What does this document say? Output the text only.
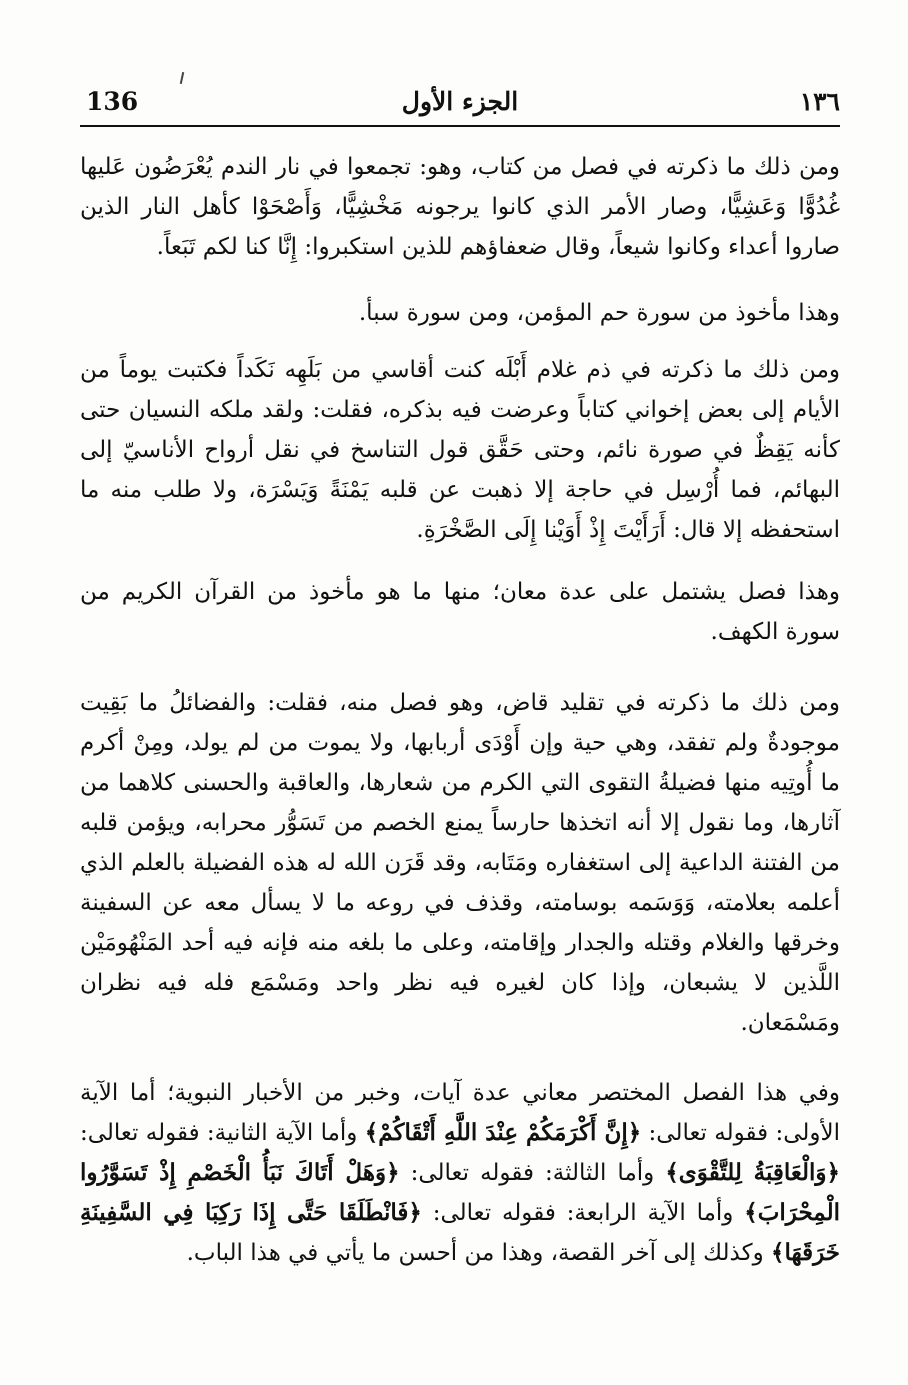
136	الجزء الأول	١٣٦

ومن ذلك ما ذكرته في فصل من كتاب، وهو: تجمعوا في نار الندم يُعْرَضُون عَليها غُدُوًّا وَعَشِيًّا، وصار الأمر الذي كانوا يرجونه مَخْشِيًّا، وَأَصْحَوْا كأهل النار الذين صاروا أعداء وكانوا شيعاً، وقال ضعفاؤهم للذين استكبروا: إِنَّا كنا لكم تَبَعاً.

وهذا مأخوذ من سورة حم المؤمن، ومن سورة سبأ.

ومن ذلك ما ذكرته في ذم غلام أَبْلَه كنت أقاسي من بَلَهِه نَكَداً فكتبت يوماً من الأيام إلى بعض إخواني كتاباً وعرضت فيه بذكره، فقلت: ولقد ملكه النسيان حتى كأنه يَقِظٌ في صورة نائم، وحتى حَقَّق قول التناسخ في نقل أرواح الأناسيّ إلى البهائم، فما أُرْسِل في حاجة إلا ذهبت عن قلبه يَمْنَةً وَيَسْرَة، ولا طلب منه ما استحفظه إلا قال: أَرَأَيْتَ إِذْ أَوَيْنا إِلَى الصَّخْرَةِ.

وهذا فصل يشتمل على عدة معان؛ منها ما هو مأخوذ من القرآن الكريم من سورة الكهف.

ومن ذلك ما ذكرته في تقليد قاض، وهو فصل منه، فقلت: والفضائلُ ما بَقِيت موجودةٌ ولم تفقد، وهي حية وإن أَوْدَى أربابها، ولا يموت من لم يولد، ومِنْ أكرم ما أُوتِيه منها فضيلةُ التقوى التي الكرم من شعارها، والعاقبة والحسنى كلاهما من آثارها، وما نقول إلا أنه اتخذها حارساً يمنع الخصم من تَسَوُّر محرابه، ويؤمن قلبه من الفتنة الداعية إلى استغفاره ومَتَابه، وقد قَرَن الله له هذه الفضيلة بالعلم الذي أعلمه بعلامته، وَوَسَمه بوسامته، وقذف في روعه ما لا يسأل معه عن السفينة وخرقها والغلام وقتله والجدار وإقامته، وعلى ما بلغه منه فإنه فيه أحد المَنْهُومَيْن اللَّذين لا يشبعان، وإذا كان لغيره فيه نظر واحد ومَسْمَع فله فيه نظران ومَسْمَعان.

وفي هذا الفصل المختصر معاني عدة آيات، وخبر من الأخبار النبوية؛ أما الآية الأولى: فقوله تعالى: ﴿إِنَّ أَكْرَمَكُمْ عِنْدَ اللَّهِ أَتْقَاكُمْ﴾ وأما الآية الثانية: فقوله تعالى: ﴿وَالْعَاقِبَةُ لِلتَّقْوَى﴾ وأما الثالثة: فقوله تعالى: ﴿وَهَلْ أَتَاكَ نَبَأُ الْخَصْمِ إِذْ تَسَوَّرُوا الْمِحْرَابَ﴾ وأما الآية الرابعة: فقوله تعالى: ﴿فَانْطَلَقَا حَتَّى إِذَا رَكِبَا فِي السَّفِينَةِ خَرَقَهَا﴾ وكذلك إلى آخر القصة، وهذا من أحسن ما يأتي في هذا الباب.
